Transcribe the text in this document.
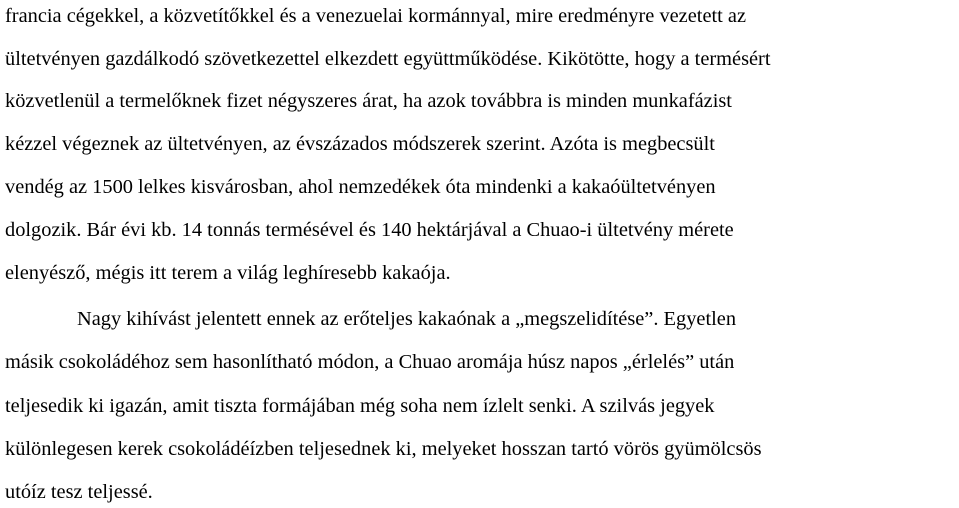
francia cégekkel, a közvetítőkkel és a venezuelai kormánnyal, mire eredményre vezetett az
ültetvényen gazdálkodó szövetkezettel elkezdett együttműködése. Kikötötte, hogy a termésért
közvetlenül a termelőknek fizet négyszeres árat, ha azok továbbra is minden munkafázist
kézzel végeznek az ültetvényen, az évszázados módszerek szerint. Azóta is megbecsült
vendég az 1500 lelkes kisvárosban, ahol nemzedékek óta mindenki a kakaóültetvényen
dolgozik. Bár évi kb. 14 tonnás termésével és 140 hektárjával a Chuao-i ültetvény mérete
elenyésző, mégis itt terem a világ leghíresebb kakaója.
Nagy kihívást jelentett ennek az erőteljes kakaónak a „megszelidítése”. Egyetlen
másik csokoládéhoz sem hasonlítható módon, a Chuao aromája húsz napos „érlelés” után
teljesedik ki igazán, amit tiszta formájában még soha nem ízlelt senki. A szilvás jegyek
különlegesen kerek csokoládéízben teljesednek ki, melyeket hosszan tartó vörös gyümölcsös
utóíz tesz teljessé.
